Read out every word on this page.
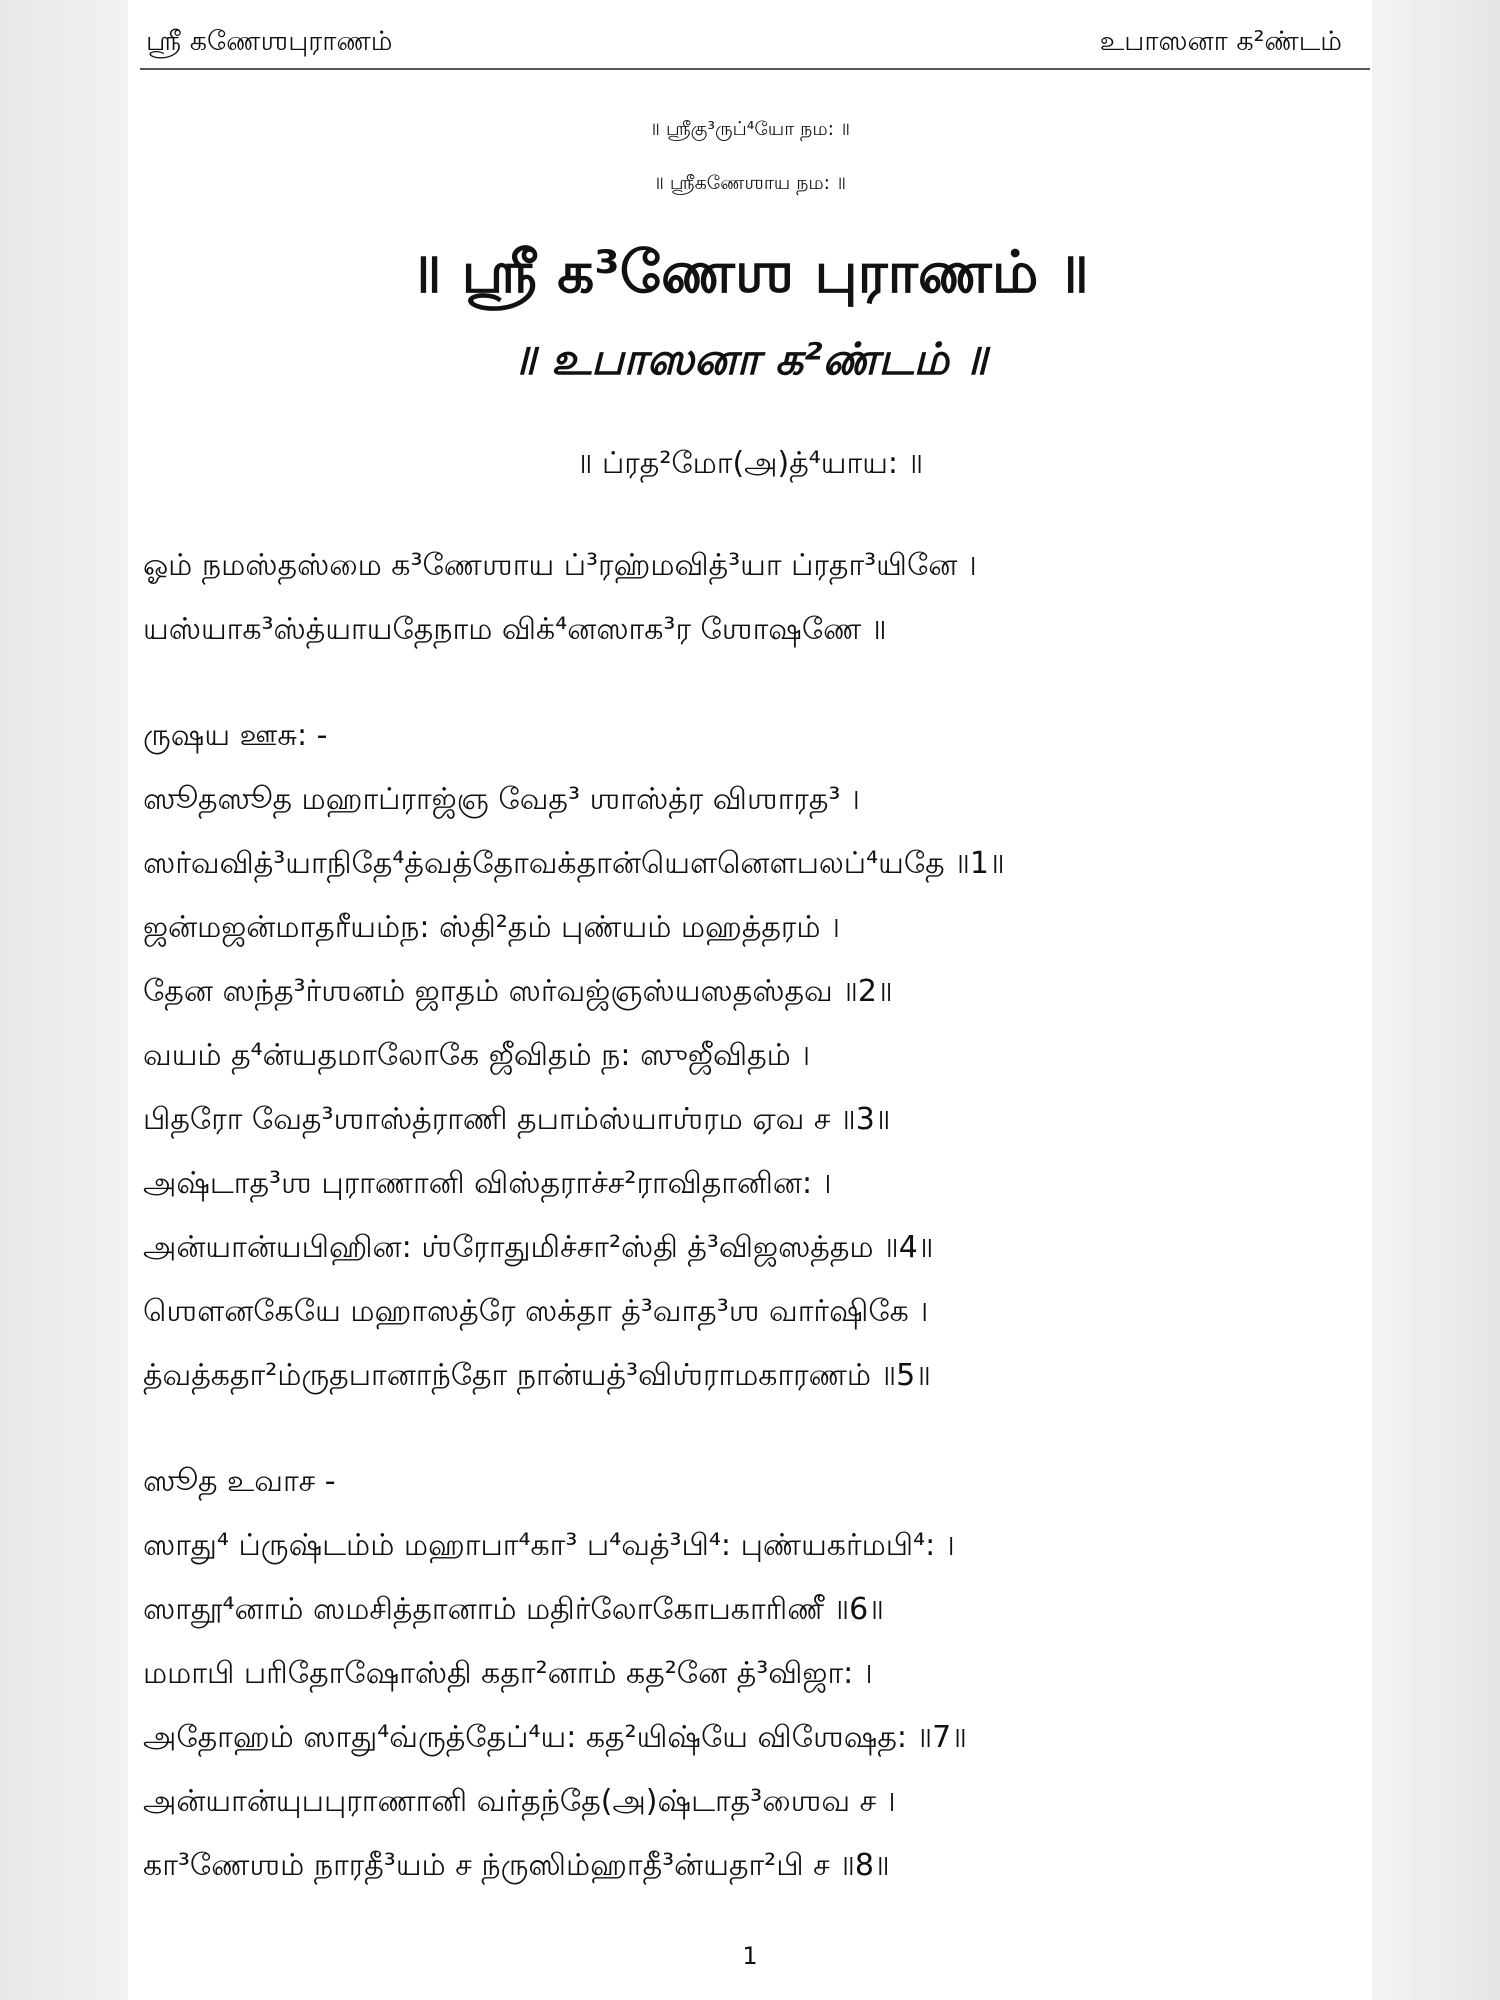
ஸ்ரீ கணேஶபுராணம்	உபாஸனா க²ண்டம்
॥ ஶ்ரீகு³ருப்⁴யோ நம: ॥
॥ ஶ்ரீகணேஶாய நம: ॥
॥ ஶ்ரீ க³ணேஶ புராணம் ॥
॥ உபாஸனா க²ண்டம் ॥
॥ ப்ரத²மோ(அ)த்⁴யாய: ॥
ஓம் நமஸ்தஸ்மை க³ணேஶாய ப்³ரஹ்மவித்³யா ப்ரதா³யினே ।
யஸ்யாக³ஸ்த்யாயதேநாம விக்⁴னஸாக³ர ஶோஷணே ॥
ருஷய ஊசு: -
ஸூதஸூத மஹாப்ராஜ்ஞ வேத³ ஶாஸ்த்ர விஶாரத³ ।
ஸர்வவித்³யாநிதே⁴த்வத்தோவக்தான்யௌனௌபலப்⁴யதே ॥1॥
ஜன்மஜன்மாதரீயம்ந: ஸ்தி²தம் புண்யம் மஹத்தரம் ।
தேன ஸந்த³ர்ஶனம் ஜாதம் ஸர்வஜ்ஞஸ்யஸதஸ்தவ ॥2॥
வயம் த⁴ன்யதமாலோகே ஜீவிதம் ந: ஸுஜீவிதம் ।
பிதரோ வேத³ஶாஸ்த்ராணி தபாம்ஸ்யாஶ்ரம ஏவ ச ॥3॥
அஷ்டாத³ஶ புராணானி விஸ்தராச்ச²ராவிதானின: ।
அன்யான்யபிஹின: ஶ்ரோதுமிச்சா²ஸ்தி த்³விஜஸத்தம ॥4॥
ஶௌனகேயே மஹாஸத்ரே ஸக்தா த்³வாத³ஶ வார்ஷிகே ।
த்வத்கதா²ம்ருதபானாந்தோ நான்யத்³விஶ்ராமகாரணம் ॥5॥
ஸூத உவாச -
ஸாது⁴ ப்ருஷ்டம்ம் மஹாபா⁴கா³ ப⁴வத்³பி⁴: புண்யகர்மபி⁴: ।
ஸாதூ⁴னாம் ஸமசித்தானாம் மதிர்லோகோபகாரிணீ ॥6॥
மமாபி பரிதோஷோஸ்தி கதா²னாம் கத²னே த்³விஜா: ।
அதோஹம் ஸாது⁴வ்ருத்தேப்⁴ய: கத²யிஷ்யே விஶேஷத: ॥7॥
அன்யான்யுபபுராணானி வர்தந்தே(அ)ஷ்டாத³ஶைவ ச ।
கா³ணேஶம் நாரதீ³யம் ச ந்ருஸிம்ஹாதீ³ன்யதா²பி ச ॥8॥
1
